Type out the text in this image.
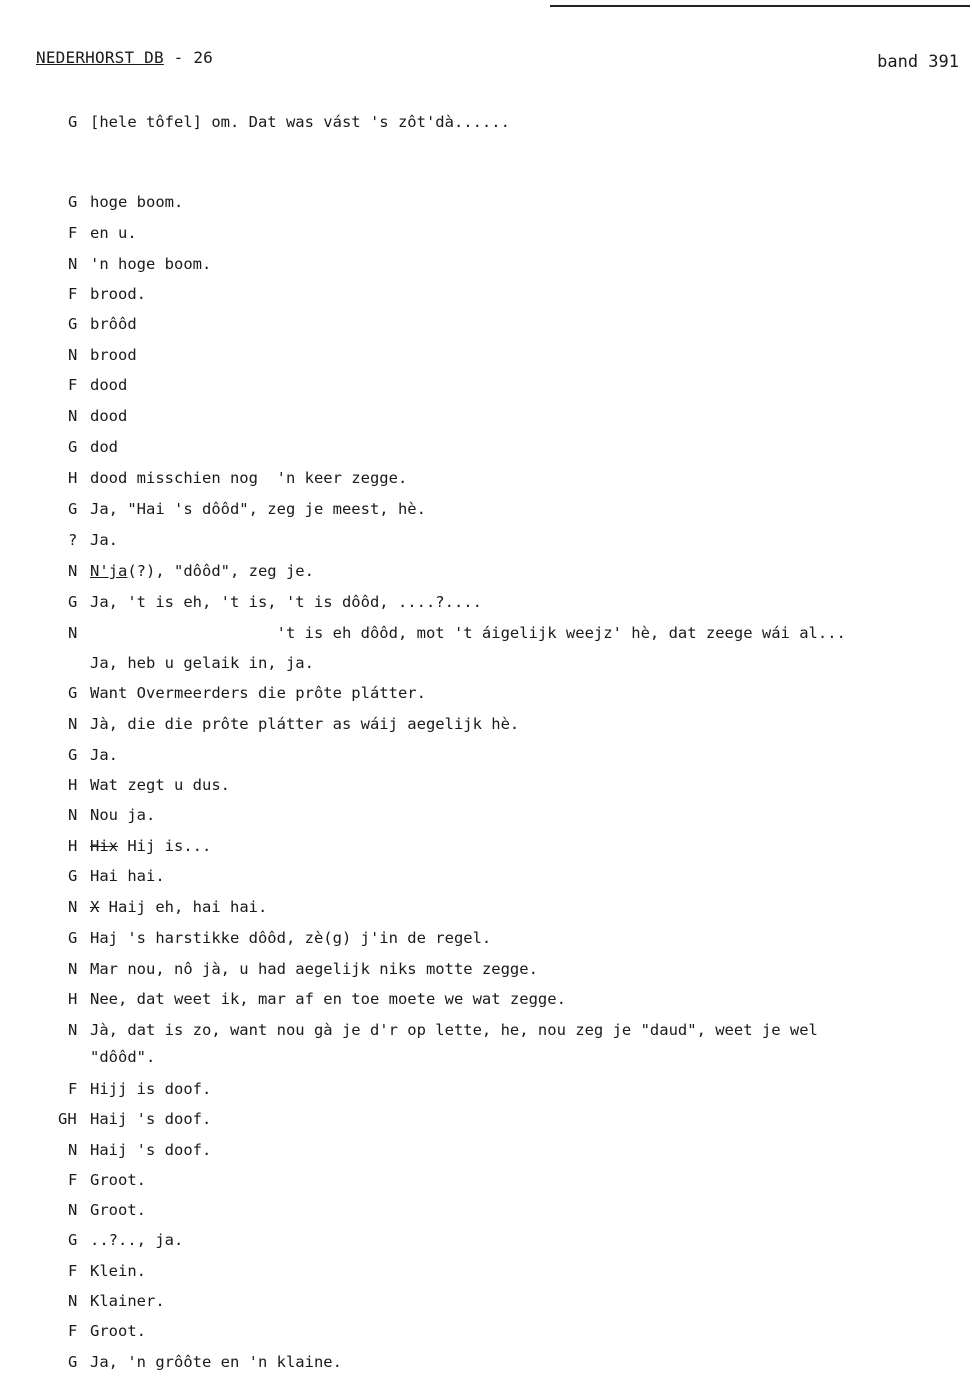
NEDERHORST DB - 26	band 391
G [hele tôfel] om. Dat was vást 's zôt'dà......
G hoge boom.
F en u.
N 'n hoge boom.
F brood.
G brôôd
N brood
F dood
N dood
G dod
H dood misschien nog  'n keer zegge.
G Ja, "Hai 's dôôd", zeg je meest, hè.
? Ja.
N N'ja(?), "dôôd", zeg je.
G Ja, 't is eh, 't is, 't is dôôd, ....?....
N                    't is eh dôôd, mot 't áigelijk weejz' hè, dat zeege wái al...
Ja, heb u gelaik in, ja.
G Want Overmeerders die prôte plátter.
N Jà, die die prôte plátter as wáij aegelijk hè.
G Ja.
H Wat zegt u dus.
N Nou ja.
H Hix Hij is...
G Hai hai.
N X Haij eh, hai hai.
G Haj 's harstikke dôôd, zè(g) j'in de regel.
N Mar nou, nô jà, u had aegelijk niks motte zegge.
H Nee, dat weet ik, mar af en toe moete we wat zegge.
N Jà, dat is zo, want nou gà je d'r op lette, he, nou zeg je "daud", weet je wel
"dôôd".
F Hijj is doof.
GH Haij 's doof.
N Haij 's doof.
F Groot.
N Groot.
G ..?.., ja.
F Klein.
N Klainer.
F Groot.
G Ja, 'n grôôte en 'n klaine.
